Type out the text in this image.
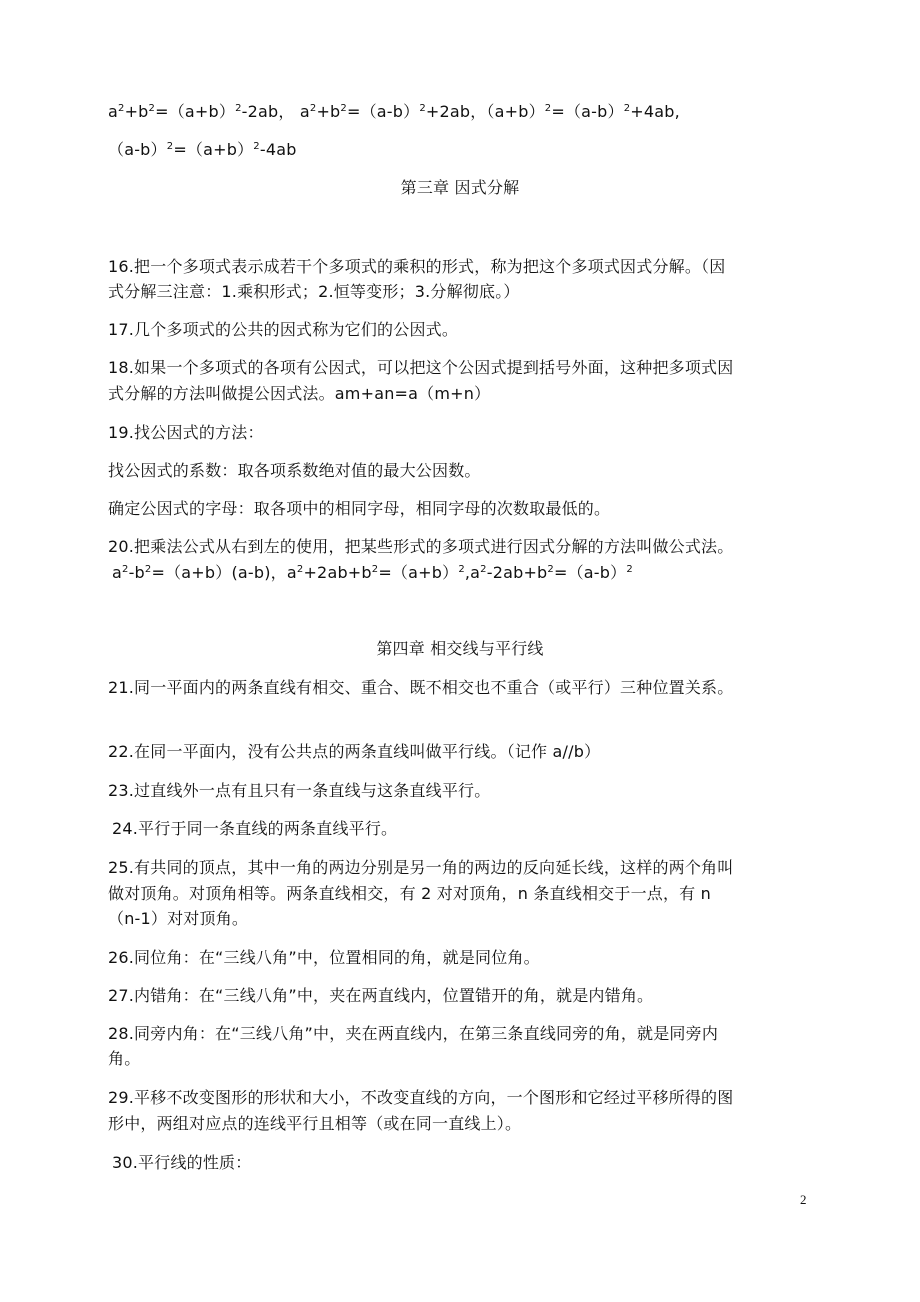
$a^2+b^2=(a+b)^2-2ab$， $a^2+b^2=(a-b)^2+2ab$，$(a+b)^2=(a-b)^2+4ab$,
$(a-b)^2=(a+b)^2-4ab$
第三章 因式分解
16.把一个多项式表示成若干个多项式的乘积的形式，称为把这个多项式因式分解。（因
式分解三注意：1.乘积形式；2.恒等变形；3.分解彻底。）
17.几个多项式的公共的因式称为它们的公因式。
18.如果一个多项式的各项有公因式，可以把这个公因式提到括号外面，这种把多项式因
式分解的方法叫做提公因式法。am+an=a（m+n）
19.找公因式的方法：
找公因式的系数：取各项系数绝对值的最大公因数。
确定公因式的字母：取各项中的相同字母，相同字母的次数取最低的。
20.把乘法公式从右到左的使用，把某些形式的多项式进行因式分解的方法叫做公式法。
$a^2-b^2=(a+b)(a-b)$，$a^2+2ab+b^2=(a+b)^2,a^2-2ab+b^2=(a-b)^2$
第四章 相交线与平行线
21.同一平面内的两条直线有相交、重合、既不相交也不重合（或平行）三种位置关系。
22.在同一平面内，没有公共点的两条直线叫做平行线。（记作 a//b）
23.过直线外一点有且只有一条直线与这条直线平行。
24.平行于同一条直线的两条直线平行。
25.有共同的顶点，其中一角的两边分别是另一角的两边的反向延长线，这样的两个角叫
做对顶角。对顶角相等。两条直线相交，有 2 对对顶角，n 条直线相交于一点，有 n
（n-1）对对顶角。
26.同位角：在“三线八角”中，位置相同的角，就是同位角。
27.内错角：在“三线八角”中，夹在两直线内，位置错开的角，就是内错角。
28.同旁内角：在“三线八角”中，夹在两直线内，在第三条直线同旁的角，就是同旁内
角。
29.平移不改变图形的形状和大小，不改变直线的方向，一个图形和它经过平移所得的图
形中，两组对应点的连线平行且相等（或在同一直线上）。
30.平行线的性质：
2
